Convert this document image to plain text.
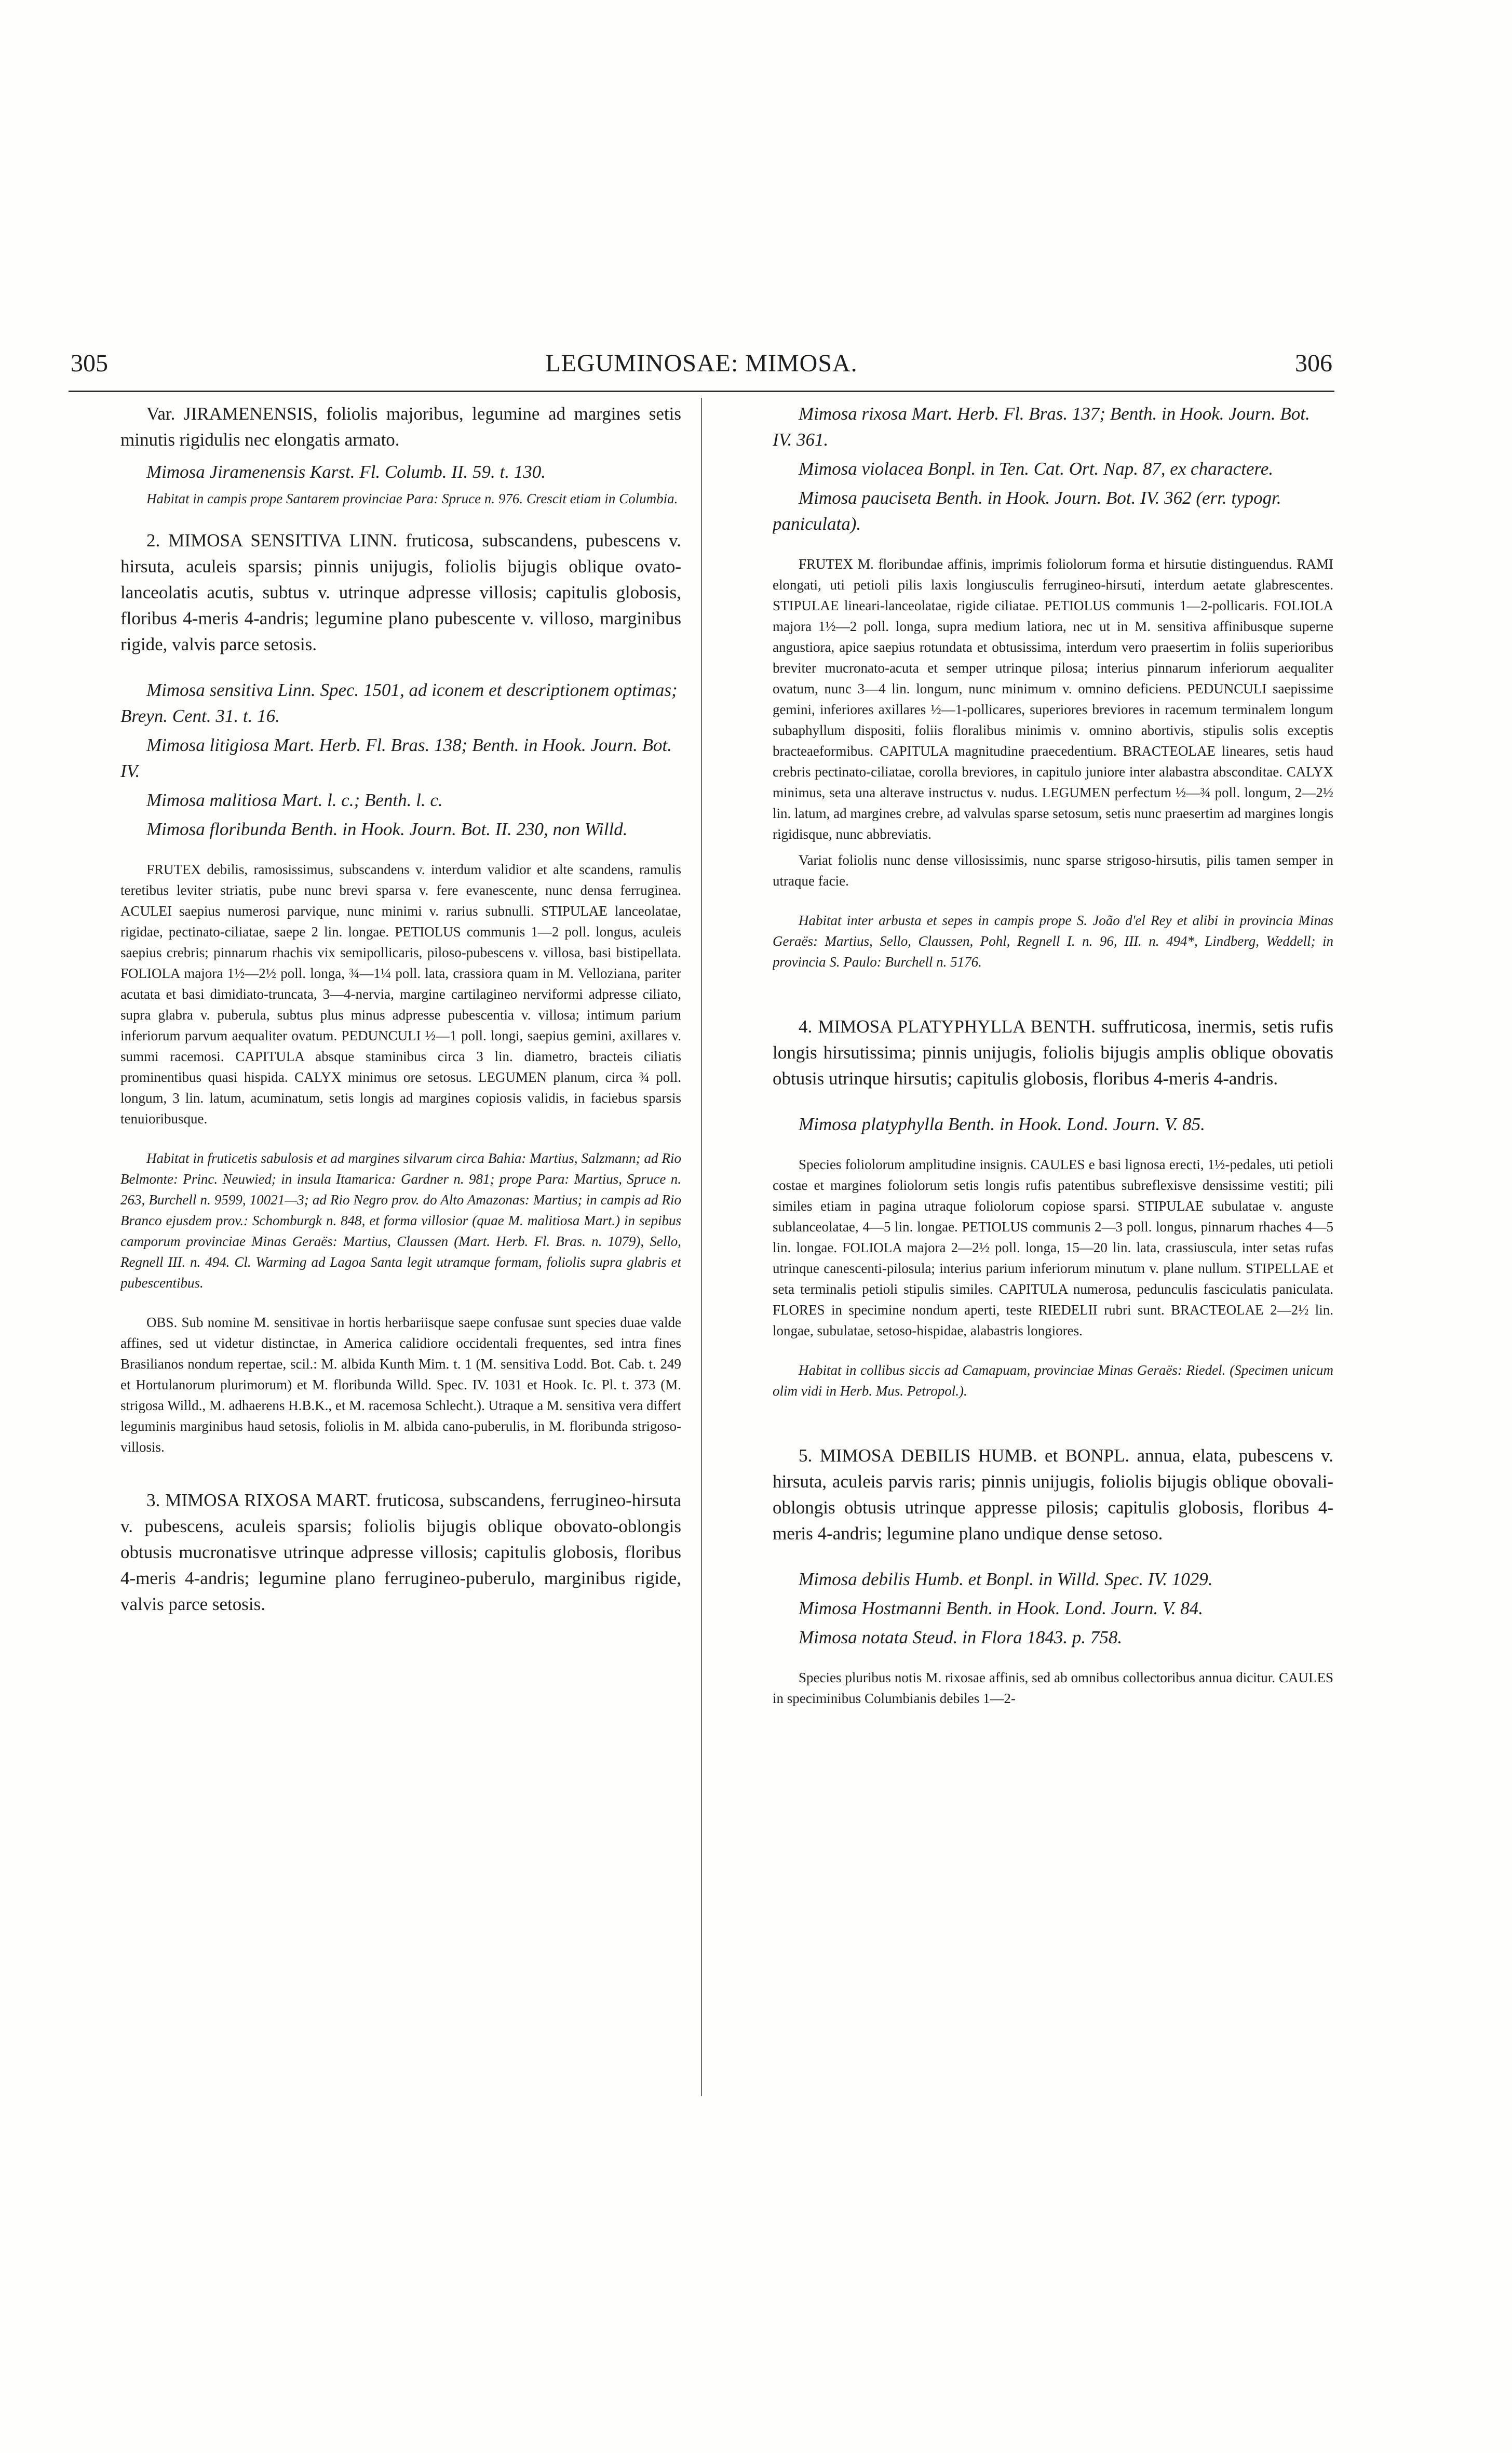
305	LEGUMINOSAE: MIMOSA.	306

Var. JIRAMENENSIS, foliolis majoribus, legumine ad margines setis minutis rigidulis nec elongatis armato.

Mimosa Jiramenensis Karst. Fl. Columb. II. 59. t. 130.

Habitat in campis prope Santarem provinciae Para: Spruce n. 976. Crescit etiam in Columbia.

2. MIMOSA SENSITIVA LINN. fruticosa, subscandens, pubescens v. hirsuta, aculeis sparsis; pinnis unijugis, foliolis bijugis oblique ovato-lanceolatis acutis, subtus v. utrinque adpresse villosis; capitulis globosis, floribus 4-meris 4-andris; legumine plano pubescente v. villoso, marginibus rigide, valvis parce setosis.

Mimosa sensitiva Linn. Spec. 1501, ad iconem et descriptionem optimas; Breyn. Cent. 31. t. 16.

Mimosa litigiosa Mart. Herb. Fl. Bras. 138; Benth. in Hook. Journ. Bot. IV.

Mimosa malitiosa Mart. l. c.; Benth. l. c.

Mimosa floribunda Benth. in Hook. Journ. Bot. II. 230, non Willd.

FRUTEX debilis, ramosissimus, subscandens v. interdum validior et alte scandens, ramulis teretibus leviter striatis, pube nunc brevi sparsa v. fere evanescente, nunc densa ferruginea. ACULEI saepius numerosi parvique, nunc minimi v. rarius subnulli. STIPULAE lanceolatae, rigidae, pectinato-ciliatae, saepe 2 lin. longae. PETIOLUS communis 1—2 poll. longus, aculeis saepius crebris; pinnarum rhachis vix semipollicaris, piloso-pubescens v. villosa, basi bistipellata. FOLIOLA majora 1½—2½ poll. longa, ¾—1¼ poll. lata, crassiora quam in M. Velloziana, pariter acutata et basi dimidiato-truncata, 3—4-nervia, margine cartilagineo nerviformi adpresse ciliato, supra glabra v. puberula, subtus plus minus adpresse pubescentia v. villosa; intimum parium inferiorum parvum aequaliter ovatum. PEDUNCULI ½—1 poll. longi, saepius gemini, axillares v. summi racemosi. CAPITULA absque staminibus circa 3 lin. diametro, bracteis ciliatis prominentibus quasi hispida. CALYX minimus ore setosus. LEGUMEN planum, circa ¾ poll. longum, 3 lin. latum, acuminatum, setis longis ad margines copiosis validis, in faciebus sparsis tenuioribusque.

Habitat in fruticetis sabulosis et ad margines silvarum circa Bahia: Martius, Salzmann; ad Rio Belmonte: Princ. Neuwied; in insula Itamarica: Gardner n. 981; prope Para: Martius, Spruce n. 263, Burchell n. 9599, 10021—3; ad Rio Negro prov. do Alto Amazonas: Martius; in campis ad Rio Branco ejusdem prov.: Schomburgk n. 848, et forma villosior (quae M. malitiosa Mart.) in sepibus camporum provinciae Minas Geraës: Martius, Claussen (Mart. Herb. Fl. Bras. n. 1079), Sello, Regnell III. n. 494. Cl. Warming ad Lagoa Santa legit utramque formam, foliolis supra glabris et pubescentibus.

OBS. Sub nomine M. sensitivae in hortis herbariisque saepe confusae sunt species duae valde affines, sed ut videtur distinctae, in America calidiore occidentali frequentes, sed intra fines Brasilianos nondum repertae, scil.: M. albida Kunth Mim. t. 1 (M. sensitiva Lodd. Bot. Cab. t. 249 et Hortulanorum plurimorum) et M. floribunda Willd. Spec. IV. 1031 et Hook. Ic. Pl. t. 373 (M. strigosa Willd., M. adhaerens H.B.K., et M. racemosa Schlecht.). Utraque a M. sensitiva vera differt leguminis marginibus haud setosis, foliolis in M. albida cano-puberulis, in M. floribunda strigoso-villosis.

3. MIMOSA RIXOSA MART. fruticosa, subscandens, ferrugineo-hirsuta v. pubescens, aculeis sparsis; foliolis bijugis oblique obovato-oblongis obtusis mucronatisve utrinque adpresse villosis; capitulis globosis, floribus 4-meris 4-andris; legumine plano ferrugineo-puberulo, marginibus rigide, valvis parce setosis.

Mimosa rixosa Mart. Herb. Fl. Bras. 137; Benth. in Hook. Journ. Bot. IV. 361.

Mimosa violacea Bonpl. in Ten. Cat. Ort. Nap. 87, ex charactere.

Mimosa pauciseta Benth. in Hook. Journ. Bot. IV. 362 (err. typogr. paniculata).

FRUTEX M. floribundae affinis, imprimis foliolorum forma et hirsutie distinguendus. RAMI elongati, uti petioli pilis laxis longiusculis ferrugineo-hirsuti, interdum aetate glabrescentes. STIPULAE lineari-lanceolatae, rigide ciliatae. PETIOLUS communis 1—2-pollicaris. FOLIOLA majora 1½—2 poll. longa, supra medium latiora, nec ut in M. sensitiva affinibusque superne angustiora, apice saepius rotundata et obtusissima, interdum vero praesertim in foliis superioribus breviter mucronato-acuta et semper utrinque pilosa; interius pinnarum inferiorum aequaliter ovatum, nunc 3—4 lin. longum, nunc minimum v. omnino deficiens. PEDUNCULI saepissime gemini, inferiores axillares ½—1-pollicares, superiores breviores in racemum terminalem longum subaphyllum dispositi, foliis floralibus minimis v. omnino abortivis, stipulis solis exceptis bracteaeformibus. CAPITULA magnitudine praecedentium. BRACTEOLAE lineares, setis haud crebris pectinato-ciliatae, corolla breviores, in capitulo juniore inter alabastra absconditae. CALYX minimus, seta una alterave instructus v. nudus. LEGUMEN perfectum ½—¾ poll. longum, 2—2½ lin. latum, ad margines crebre, ad valvulas sparse setosum, setis nunc praesertim ad margines longis rigidisque, nunc abbreviatis.

Variat foliolis nunc dense villosissimis, nunc sparse strigoso-hirsutis, pilis tamen semper in utraque facie.

Habitat inter arbusta et sepes in campis prope S. João d'el Rey et alibi in provincia Minas Geraës: Martius, Sello, Claussen, Pohl, Regnell I. n. 96, III. n. 494*, Lindberg, Weddell; in provincia S. Paulo: Burchell n. 5176.

4. MIMOSA PLATYPHYLLA BENTH. suffruticosa, inermis, setis rufis longis hirsutissima; pinnis unijugis, foliolis bijugis amplis oblique obovatis obtusis utrinque hirsutis; capitulis globosis, floribus 4-meris 4-andris.

Mimosa platyphylla Benth. in Hook. Lond. Journ. V. 85.

Species foliolorum amplitudine insignis. CAULES e basi lignosa erecti, 1½-pedales, uti petioli costae et margines foliolorum setis longis rufis patentibus subreflexisve densissime vestiti; pili similes etiam in pagina utraque foliolorum copiose sparsi. STIPULAE subulatae v. anguste sublanceolatae, 4—5 lin. longae. PETIOLUS communis 2—3 poll. longus, pinnarum rhaches 4—5 lin. longae. FOLIOLA majora 2—2½ poll. longa, 15—20 lin. lata, crassiuscula, inter setas rufas utrinque canescenti-pilosula; interius parium inferiorum minutum v. plane nullum. STIPELLAE et seta terminalis petioli stipulis similes. CAPITULA numerosa, pedunculis fasciculatis paniculata. FLORES in specimine nondum aperti, teste RIEDELII rubri sunt. BRACTEOLAE 2—2½ lin. longae, subulatae, setoso-hispidae, alabastris longiores.

Habitat in collibus siccis ad Camapuam, provinciae Minas Geraës: Riedel. (Specimen unicum olim vidi in Herb. Mus. Petropol.).

5. MIMOSA DEBILIS HUMB. et BONPL. annua, elata, pubescens v. hirsuta, aculeis parvis raris; pinnis unijugis, foliolis bijugis oblique obovali-oblongis obtusis utrinque appresse pilosis; capitulis globosis, floribus 4-meris 4-andris; legumine plano undique dense setoso.

Mimosa debilis Humb. et Bonpl. in Willd. Spec. IV. 1029.

Mimosa Hostmanni Benth. in Hook. Lond. Journ. V. 84.

Mimosa notata Steud. in Flora 1843. p. 758.

Species pluribus notis M. rixosae affinis, sed ab omnibus collectoribus annua dicitur. CAULES in speciminibus Columbianis debiles 1—2-
